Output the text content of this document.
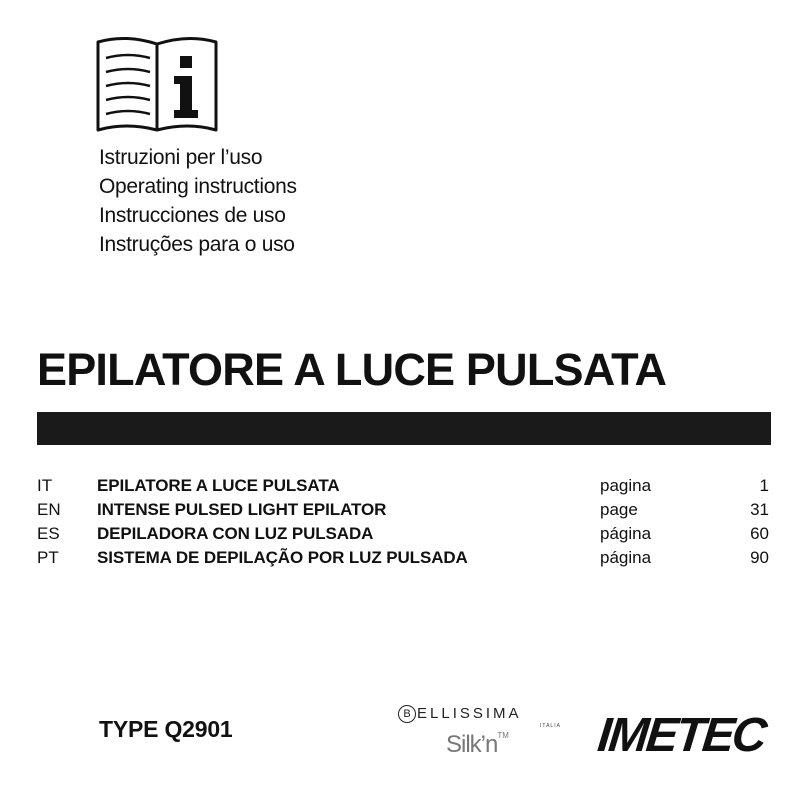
Istruzioni per l’uso
Operating instructions
Instrucciones de uso
Instruções para o uso
EPILATORE A LUCE PULSATA
IT	EPILATORE A LUCE PULSATA	pagina	1
EN INTENSE PULSED LIGHT EPILATOR	page	31
ES DEPILADORA CON LUZ PULSADA	página	60
PT SISTEMA DE DEPILAÇÃO POR LUZ PULSADA	página	90
TYPE Q2901
B ELLISSIMA
ITALIA
Silk’n™ IMETEC
